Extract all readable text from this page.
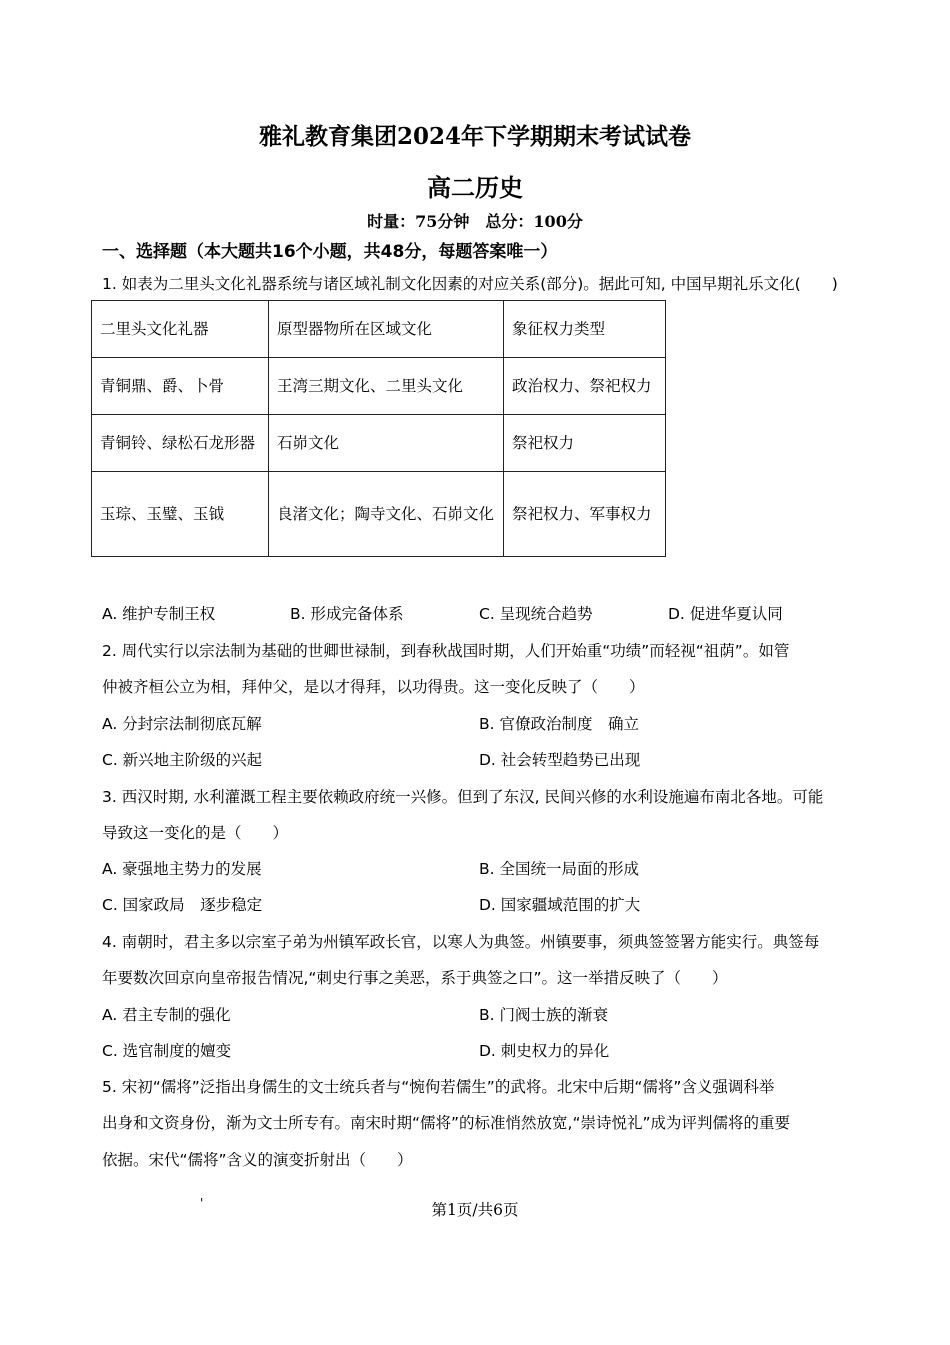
雅礼教育集团2024年下学期期末考试试卷
高二历史
时量：75分钟　总分：100分
一、选择题（本大题共16个小题，共48分，每题答案唯一）
1. 如表为二里头文化礼器系统与诸区域礼制文化因素的对应关系(部分)。据此可知, 中国早期礼乐文化(　　)
二里头文化礼器	原型器物所在区域文化	象征权力类型
青铜鼎、爵、卜骨	王湾三期文化、二里头文化	政治权力、祭祀权力
青铜铃、绿松石龙形器	石峁文化	祭祀权力
玉琮、玉璧、玉钺	良渚文化；陶寺文化、石峁文化	祭祀权力、军事权力
A. 维护专制王权	B. 形成完备体系	C. 呈现统合趋势	D. 促进华夏认同
2. 周代实行以宗法制为基础的世卿世禄制，到春秋战国时期，人们开始重“功绩”而轻视“祖荫”。如管
仲被齐桓公立为相，拜仲父，是以才得拜，以功得贵。这一变化反映了（　　）
A. 分封宗法制彻底瓦解	B. 官僚政治制度　确立
C. 新兴地主阶级的兴起	D. 社会转型趋势已出现
3. 西汉时期, 水利灌溉工程主要依赖政府统一兴修。但到了东汉, 民间兴修的水利设施遍布南北各地。可能
导致这一变化的是（　　）
A. 豪强地主势力的发展	B. 全国统一局面的形成
C. 国家政局　逐步稳定	D. 国家疆域范围的扩大
4. 南朝时，君主多以宗室子弟为州镇军政长官，以寒人为典签。州镇要事，须典签签署方能实行。典签每
年要数次回京向皇帝报告情况,“刺史行事之美恶，系于典签之口”。这一举措反映了（　　）
A. 君主专制的强化	B. 门阀士族的渐衰
C. 选官制度的嬗变	D. 刺史权力的异化
5. 宋初“儒将”泛指出身儒生的文士统兵者与“惋佝若儒生”的武将。北宋中后期“儒将”含义强调科举
出身和文资身份，渐为文士所专有。南宋时期“儒将”的标准悄然放宽,“崇诗悦礼”成为评判儒将的重要
依据。宋代“儒将”含义的演变折射出（　　）
'	第1页/共6页
